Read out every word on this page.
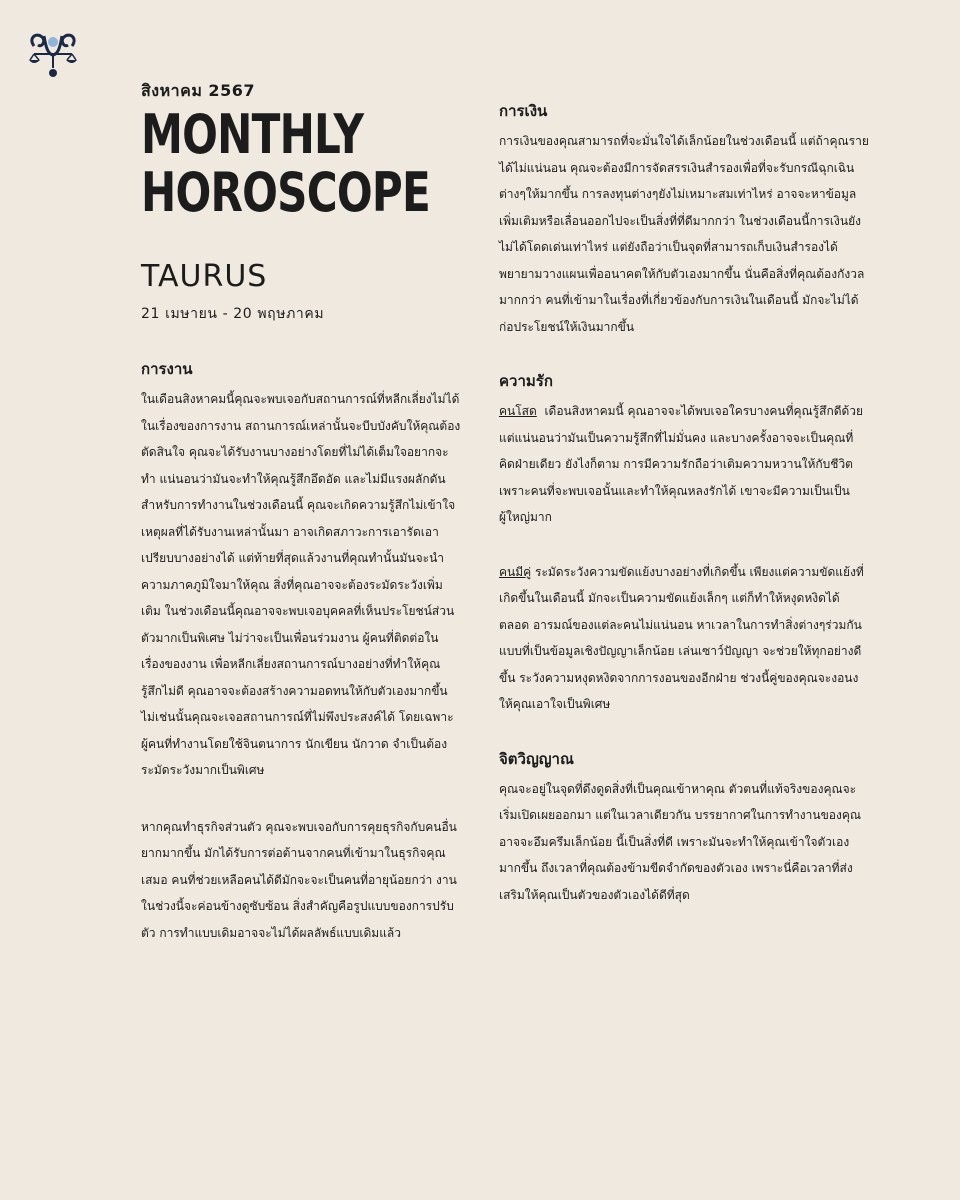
สิงหาคม 2567

MONTHLY
HOROSCOPE

TAURUS

21 เมษายน - 20 พฤษภาคม

การงาน

ในเดือนสิงหาคมนี้คุณจะพบเจอกับสถานการณ์ที่หลีกเลี่ยงไม่ได้ในเรื่องของการงาน สถานการณ์เหล่านั้นจะบีบบังคับให้คุณต้องตัดสินใจ คุณจะได้รับงานบางอย่างโดยที่ไม่ได้เต็มใจอยากจะทำ แน่นอนว่ามันจะทำให้คุณรู้สึกอึดอัด และไม่มีแรงผลักดันสำหรับการทำงานในช่วงเดือนนี้ คุณจะเกิดความรู้สึกไม่เข้าใจเหตุผลที่ได้รับงานเหล่านั้นมา อาจเกิดสภาวะการเอารัดเอาเปรียบบางอย่างได้ แต่ท้ายที่สุดแล้วงานที่คุณทำนั้นมันจะนำความภาคภูมิใจมาให้คุณ สิ่งที่คุณอาจจะต้องระมัดระวังเพิ่มเติม ในช่วงเดือนนี้คุณอาจจะพบเจอบุคคลที่เห็นประโยชน์ส่วนตัวมากเป็นพิเศษ ไม่ว่าจะเป็นเพื่อนร่วมงาน ผู้คนที่ติดต่อในเรื่องของงาน เพื่อหลีกเลี่ยงสถานการณ์บางอย่างที่ทำให้คุณรู้สึกไม่ดี คุณอาจจะต้องสร้างความอดทนให้กับตัวเองมากขึ้น ไม่เช่นนั้นคุณจะเจอสถานการณ์ที่ไม่พึงประสงค์ได้ โดยเฉพาะผู้คนที่ทำงานโดยใช้จินตนาการ นักเขียน นักวาด จำเป็นต้องระมัดระวังมากเป็นพิเศษ

หากคุณทำธุรกิจส่วนตัว คุณจะพบเจอกับการคุยธุรกิจกับคนอื่นยากมากขึ้น มักได้รับการต่อต้านจากคนที่เข้ามาในธุรกิจคุณเสมอ คนที่ช่วยเหลือคนได้ดีมักจะจะเป็นคนที่อายุน้อยกว่า งานในช่วงนี้จะค่อนข้างดูซับซ้อน สิ่งสำคัญคือรูปแบบของการปรับตัว การทำแบบเดิมอาจจะไม่ได้ผลลัพธ์แบบเดิมแล้ว

การเงิน

การเงินของคุณสามารถที่จะมั่นใจได้เล็กน้อยในช่วงเดือนนี้ แต่ถ้าคุณรายได้ไม่แน่นอน คุณจะต้องมีการจัดสรรเงินสำรองเพื่อที่จะรับกรณีฉุกเฉินต่างๆให้มากขึ้น การลงทุนต่างๆยังไม่เหมาะสมเท่าไหร่ อาจจะหาข้อมูลเพิ่มเติมหรือเลื่อนออกไปจะเป็นสิ่งที่ที่ดีมากกว่า ในช่วงเดือนนี้การเงินยังไม่ได้โดดเด่นเท่าไหร่ แต่ยังถือว่าเป็นจุดที่สามารถเก็บเงินสำรองได้ พยายามวางแผนเพื่ออนาคตให้กับตัวเองมากขึ้น นั่นคือสิ่งที่คุณต้องกังวลมากกว่า คนที่เข้ามาในเรื่องที่เกี่ยวข้องกับการเงินในเดือนนี้ มักจะไม่ได้ก่อประโยชน์ให้เงินมากขึ้น

ความรัก

คนโสด เดือนสิงหาคมนี้ คุณอาจจะได้พบเจอใครบางคนที่คุณรู้สึกดีด้วย แต่แน่นอนว่ามันเป็นความรู้สึกที่ไม่มั่นคง และบางครั้งอาจจะเป็นคุณที่คิดฝ่ายเดียว ยังไงก็ตาม การมีความรักถือว่าเติมความหวานให้กับชีวิต เพราะคนที่จะพบเจอนั้นและทำให้คุณหลงรักได้ เขาจะมีความเป็นเป็นผู้ใหญ่มาก

คนมีคู่ ระมัดระวังความขัดแย้งบางอย่างที่เกิดขึ้น เพียงแต่ความขัดแย้งที่เกิดขึ้นในเดือนนี้ มักจะเป็นความขัดแย้งเล็กๆ แต่ก็ทำให้หงุดหงิดได้ตลอด อารมณ์ของแต่ละคนไม่แน่นอน หาเวลาในการทำสิ่งต่างๆร่วมกันแบบที่เป็นข้อมูลเชิงปัญญาเล็กน้อย เล่นเซาว์ปัญญา จะช่วยให้ทุกอย่างดีขึ้น ระวังความหงุดหงิดจากการงอนของอีกฝ่าย ช่วงนี้คู่ของคุณจะงอนงให้คุณเอาใจเป็นพิเศษ

จิตวิญญาณ

คุณจะอยู่ในจุดที่ดึงดูดสิ่งที่เป็นคุณเข้าหาคุณ ตัวตนที่แท้จริงของคุณจะเริ่มเปิดเผยออกมา แต่ในเวลาเดียวกัน บรรยากาศในการทำงานของคุณอาจจะอึมครึมเล็กน้อย นี้เป็นสิ่งที่ดี เพราะมันจะทำให้คุณเข้าใจตัวเองมากขึ้น ถึงเวลาที่คุณต้องข้ามขีดจำกัดของตัวเอง เพราะนี่คือเวลาที่ส่งเสริมให้คุณเป็นตัวของตัวเองได้ดีที่สุด
